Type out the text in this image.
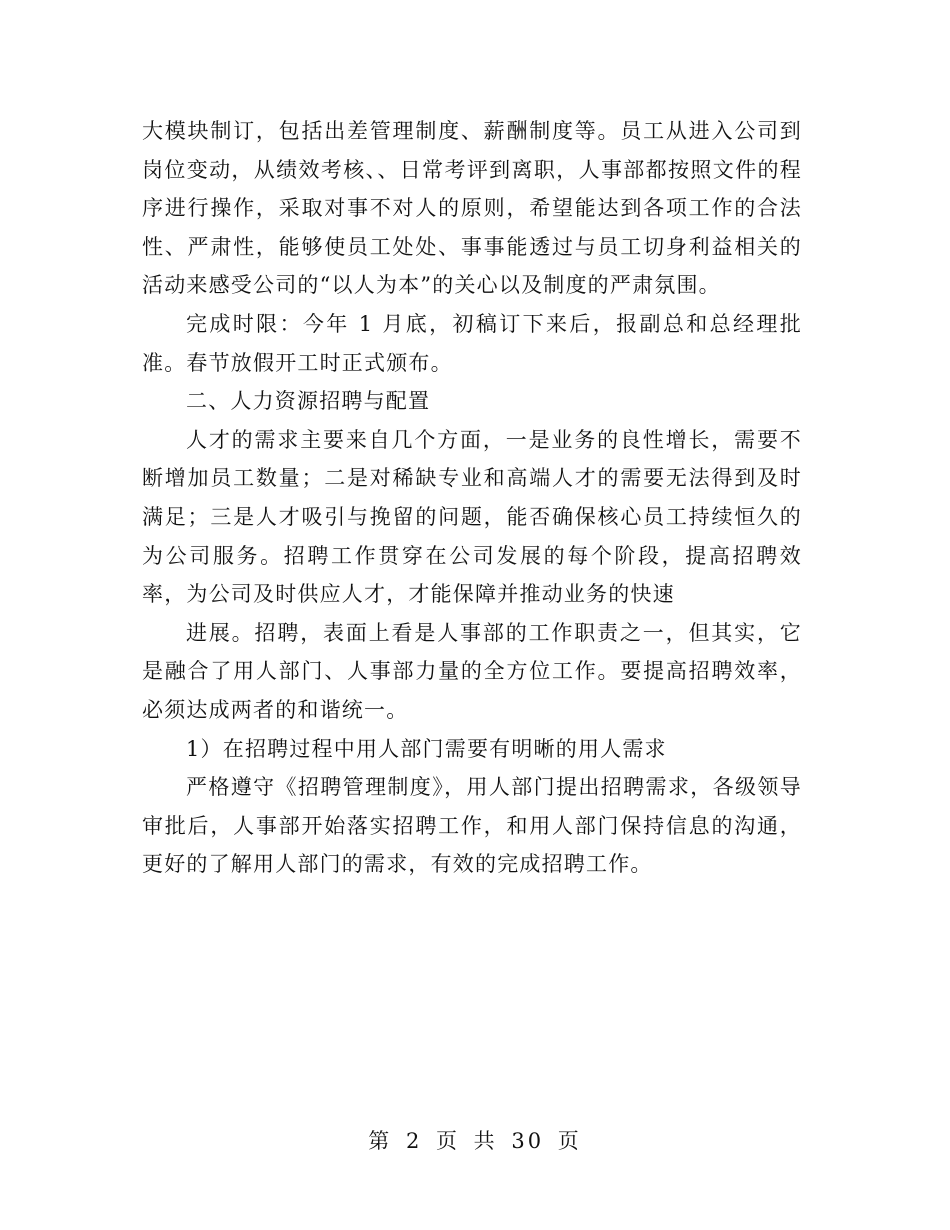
大模块制订，包括出差管理制度、薪酬制度等。员工从进入公司到岗位变动，从绩效考核、、日常考评到离职，人事部都按照文件的程序进行操作，采取对事不对人的原则，希望能达到各项工作的合法性、严肃性，能够使员工处处、事事能透过与员工切身利益相关的活动来感受公司的“以人为本”的关心以及制度的严肃氛围。

完成时限：今年 1 月底，初稿订下来后，报副总和总经理批准。春节放假开工时正式颁布。

二、人力资源招聘与配置

人才的需求主要来自几个方面，一是业务的良性增长，需要不断增加员工数量；二是对稀缺专业和高端人才的需要无法得到及时满足；三是人才吸引与挽留的问题，能否确保核心员工持续恒久的为公司服务。招聘工作贯穿在公司发展的每个阶段，提高招聘效率，为公司及时供应人才，才能保障并推动业务的快速

进展。招聘，表面上看是人事部的工作职责之一，但其实，它是融合了用人部门、人事部力量的全方位工作。要提高招聘效率，必须达成两者的和谐统一。

1）在招聘过程中用人部门需要有明晰的用人需求

严格遵守《招聘管理制度》，用人部门提出招聘需求，各级领导审批后，人事部开始落实招聘工作，和用人部门保持信息的沟通，更好的了解用人部门的需求，有效的完成招聘工作。

第 2 页 共 30 页
